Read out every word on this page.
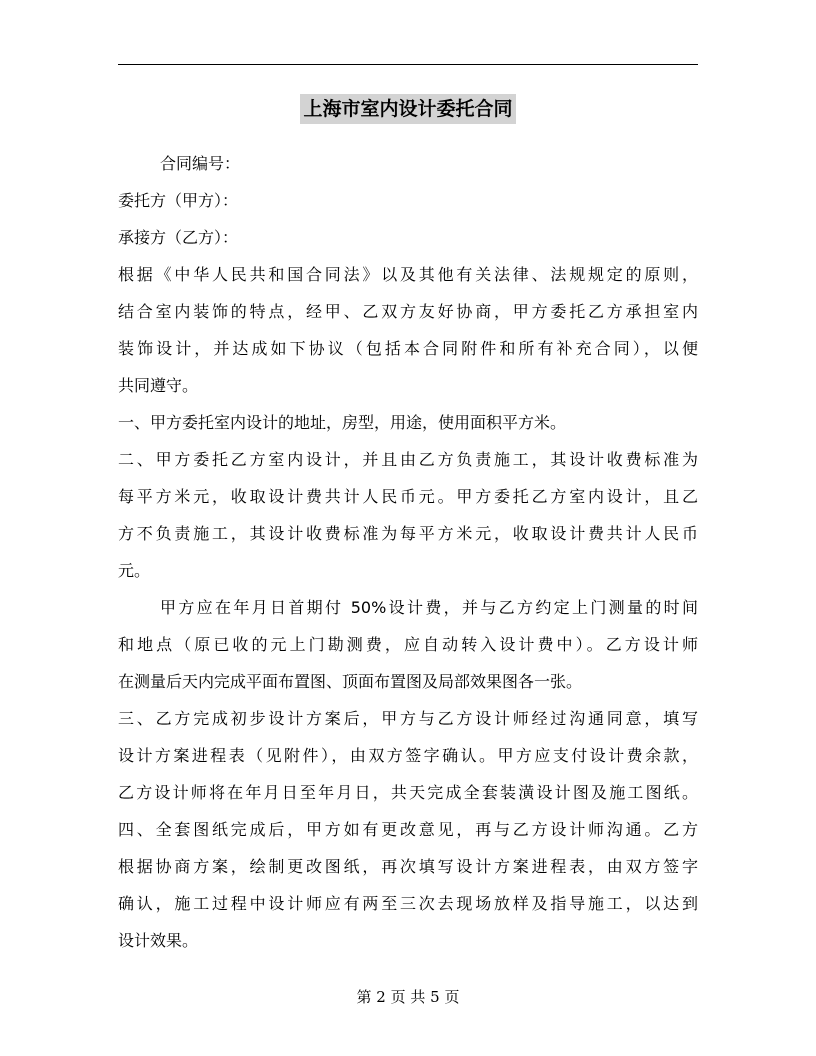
上海市室内设计委托合同
合同编号：
委托方（甲方）：
承接方（乙方）：
根据《中华人民共和国合同法》以及其他有关法律、法规规定的原则，
结合室内装饰的特点，经甲、乙双方友好协商，甲方委托乙方承担室内
装饰设计，并达成如下协议（包括本合同附件和所有补充合同），以便
共同遵守。
一、甲方委托室内设计的地址，房型，用途，使用面积平方米。
二、甲方委托乙方室内设计，并且由乙方负责施工，其设计收费标准为
每平方米元，收取设计费共计人民币元。甲方委托乙方室内设计，且乙
方不负责施工，其设计收费标准为每平方米元，收取设计费共计人民币
元。
甲方应在年月日首期付 50%设计费，并与乙方约定上门测量的时间
和地点（原已收的元上门勘测费，应自动转入设计费中）。乙方设计师
在测量后天内完成平面布置图、顶面布置图及局部效果图各一张。
三、乙方完成初步设计方案后，甲方与乙方设计师经过沟通同意，填写
设计方案进程表（见附件），由双方签字确认。甲方应支付设计费余款，
乙方设计师将在年月日至年月日，共天完成全套装潢设计图及施工图纸。
四、全套图纸完成后，甲方如有更改意见，再与乙方设计师沟通。乙方
根据协商方案，绘制更改图纸，再次填写设计方案进程表，由双方签字
确认，施工过程中设计师应有两至三次去现场放样及指导施工，以达到
设计效果。
第 2 页 共 5 页
